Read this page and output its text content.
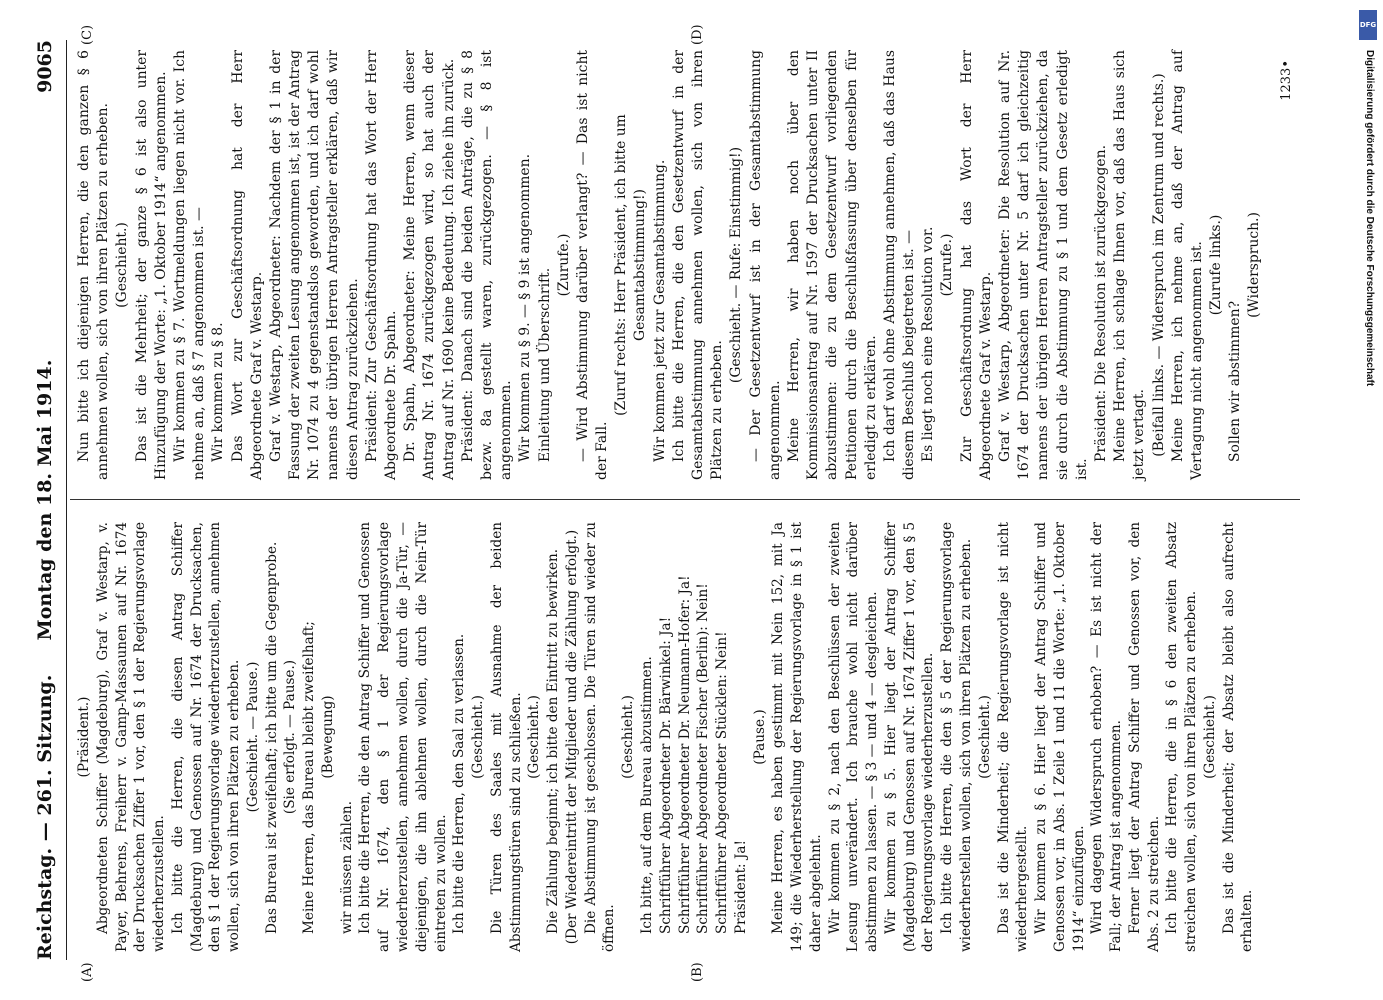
Reichstag. — 261. Sitzung.
Montag den 18. Mai 1914.
9065
(A)	(B)
(C)	(D)

(Präsident.) Abgeordneten Schiffer (Magdeburg), Graf v. Westarp, v. Payer, Behrens, Freiherr v. Gamp-Massaunen auf Nr. 1674 der Drucksachen Ziffer 1 vor, den § 1 der Regierungsvorlage wiederherzustellen. Ich bitte die Herren, die diesen Antrag Schiffer (Magdeburg) und Genossen auf Nr. 1674 der Drucksachen, den § 1 der Regierungsvorlage wiederherzustellen, annehmen wollen, sich von ihren Plätzen zu erheben. (Geschieht. — Pause.) Das Bureau ist zweifelhaft; ich bitte um die Gegenprobe. (Sie erfolgt. — Pause.) Meine Herren, das Bureau bleibt zweifelhaft; (Bewegung)

wir müssen zählen. Ich bitte die Herren, die den Antrag Schiffer und Genossen auf Nr. 1674, den § 1 der Regierungsvorlage wiederherzustellen, annehmen wollen, durch die Ja-Tür, — diejenigen, die ihn ablehnen wollen, durch die Nein-Tür eintreten zu wollen. Ich bitte die Herren, den Saal zu verlassen. (Geschieht.) Die Türen des Saales mit Ausnahme der beiden Abstimmungstüren sind zu schließen. (Geschieht.) Die Zählung beginnt; ich bitte den Eintritt zu bewirken. (Der Wiedereintritt der Mitglieder und die Zählung erfolgt.) Die Abstimmung ist geschlossen. Die Türen sind wieder zu öffnen.

(Geschieht.) Ich bitte, auf dem Bureau abzustimmen. Schriftführer Abgeordneter Dr. Bärwinkel: Ja! Schriftführer Abgeordneter Dr. Neumann-Hofer: Ja! Schriftführer Abgeordneter Fischer (Berlin): Nein! Schriftführer Abgeordneter Stücklen: Nein! Präsident: Ja!

(Pause.) Meine Herren, es haben gestimmt mit Nein 152, mit Ja 149; die Wiederherstellung der Regierungsvorlage in § 1 ist daher abgelehnt. Wir kommen zu § 2, nach den Beschlüssen der zweiten Lesung unverändert. Ich brauche wohl nicht darüber abstimmen zu lassen. — § 3 — und 4 — desgleichen. Wir kommen zu § 5. Hier liegt der Antrag Schiffer (Magdeburg) und Genossen auf Nr. 1674 Ziffer 1 vor, den § 5 der Regierungsvorlage wiederherzustellen. Ich bitte die Herren, die den § 5 der Regierungsvorlage wiederherstellen wollen, sich von ihren Plätzen zu erheben. (Geschieht.) Das ist die Minderheit; die Regierungsvorlage ist nicht wiederhergestellt. Wir kommen zu § 6. Hier liegt der Antrag Schiffer und Genossen vor, in Abs. 1 Zeile 1 und 11 die Worte: „1. Oktober 1914“ einzufügen. Wird dagegen Widerspruch erhoben? — Es ist nicht der Fall; der Antrag ist angenommen. Ferner liegt der Antrag Schiffer und Genossen vor, den Abs. 2 zu streichen. Ich bitte die Herren, die in § 6 den zweiten Absatz streichen wollen, sich von ihren Plätzen zu erheben. (Geschieht.) Das ist die Minderheit; der Absatz bleibt also aufrecht erhalten.

Nun bitte ich diejenigen Herren, die den ganzen § 6 annehmen wollen, sich von ihren Plätzen zu erheben. (Geschieht.) Das ist die Mehrheit; der ganze § 6 ist also unter Hinzufügung der Worte: „1. Oktober 1914“ angenommen. Wir kommen zu § 7. Wortmeldungen liegen nicht vor. Ich nehme an, daß § 7 angenommen ist. — Wir kommen zu § 8. Das Wort zur Geschäftsordnung hat der Herr Abgeordnete Graf v. Westarp. Graf v. Westarp, Abgeordneter: Nachdem der § 1 in der Fassung der zweiten Lesung angenommen ist, ist der Antrag Nr. 1074 zu 4 gegenstandslos geworden, und ich darf wohl namens der übrigen Herren Antragsteller erklären, daß wir diesen Antrag zurückziehen. Präsident: Zur Geschäftsordnung hat das Wort der Herr Abgeordnete Dr. Spahn. Dr. Spahn, Abgeordneter: Meine Herren, wenn dieser Antrag Nr. 1674 zurückgezogen wird, so hat auch der Antrag auf Nr. 1690 keine Bedeutung. Ich ziehe ihn zurück. Präsident: Danach sind die beiden Anträge, die zu § 8 bezw. 8a gestellt waren, zurückgezogen. — § 8 ist angenommen. Wir kommen zu § 9. — § 9 ist angenommen. Einleitung und Überschrift.

(Zurufe.) — Wird Abstimmung darüber verlangt? — Das ist nicht der Fall.

(Zuruf rechts: Herr Präsident, ich bitte um Gesamtabstimmung!) Wir kommen jetzt zur Gesamtabstimmung. Ich bitte die Herren, die den Gesetzentwurf in der Gesamtabstimmung annehmen wollen, sich von ihren Plätzen zu erheben.

(Geschieht. — Rufe: Einstimmig!) — Der Gesetzentwurf ist in der Gesamtabstimmung angenommen. Meine Herren, wir haben noch über den Kommissionsantrag auf Nr. 1597 der Drucksachen unter II abzustimmen: die zu dem Gesetzentwurf vorliegenden Petitionen durch die Beschlußfassung über denselben für erledigt zu erklären. Ich darf wohl ohne Abstimmung annehmen, daß das Haus diesem Beschluß beigetreten ist. — Es liegt noch eine Resolution vor. (Zurufe.) Zur Geschäftsordnung hat das Wort der Herr Abgeordnete Graf v. Westarp. Graf v. Westarp, Abgeordneter: Die Resolution auf Nr. 1674 der Drucksachen unter Nr. 5 darf ich gleichzeitig namens der übrigen Herren Antragsteller zurückziehen, da sie durch die Abstimmung zu § 1 und dem Gesetz erledigt ist.

Präsident: Die Resolution ist zurückgezogen. Meine Herren, ich schlage Ihnen vor, daß das Haus sich jetzt vertagt. (Beifall links. — Widerspruch im Zentrum und rechts.) Meine Herren, ich nehme an, daß der Antrag auf Vertagung nicht angenommen ist. (Zurufe links.)

Sollen wir abstimmen?

(Widerspruch.)

1233•
DFG
Digitalisierung gefördert durch die Deutsche Forschungsgemeinschaft
